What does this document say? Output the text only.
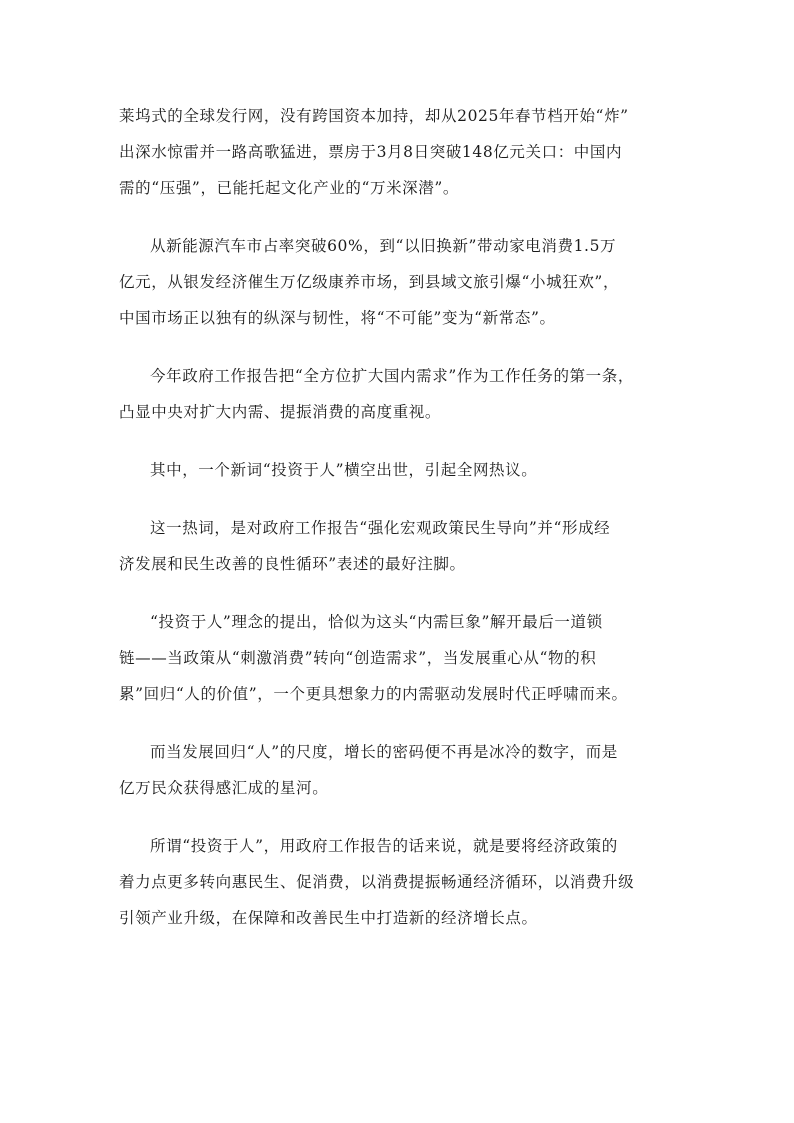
莱坞式的全球发行网，没有跨国资本加持，却从2025年春节档开始“炸”
出深水惊雷并一路高歌猛进，票房于3月8日突破148亿元关口：中国内
需的“压强”，已能托起文化产业的“万米深潜”。

从新能源汽车市占率突破60%，到“以旧换新”带动家电消费1.5万
亿元，从银发经济催生万亿级康养市场，到县域文旅引爆“小城狂欢”，
中国市场正以独有的纵深与韧性，将“不可能”变为“新常态”。

今年政府工作报告把“全方位扩大国内需求”作为工作任务的第一条，
凸显中央对扩大内需、提振消费的高度重视。

其中，一个新词“投资于人”横空出世，引起全网热议。

这一热词，是对政府工作报告“强化宏观政策民生导向”并“形成经
济发展和民生改善的良性循环”表述的最好注脚。

“投资于人”理念的提出，恰似为这头“内需巨象”解开最后一道锁
链——当政策从“刺激消费”转向“创造需求”，当发展重心从“物的积
累”回归“人的价值”，一个更具想象力的内需驱动发展时代正呼啸而来。

而当发展回归“人”的尺度，增长的密码便不再是冰冷的数字，而是
亿万民众获得感汇成的星河。

所谓“投资于人”，用政府工作报告的话来说，就是要将经济政策的
着力点更多转向惠民生、促消费，以消费提振畅通经济循环，以消费升级
引领产业升级，在保障和改善民生中打造新的经济增长点。
